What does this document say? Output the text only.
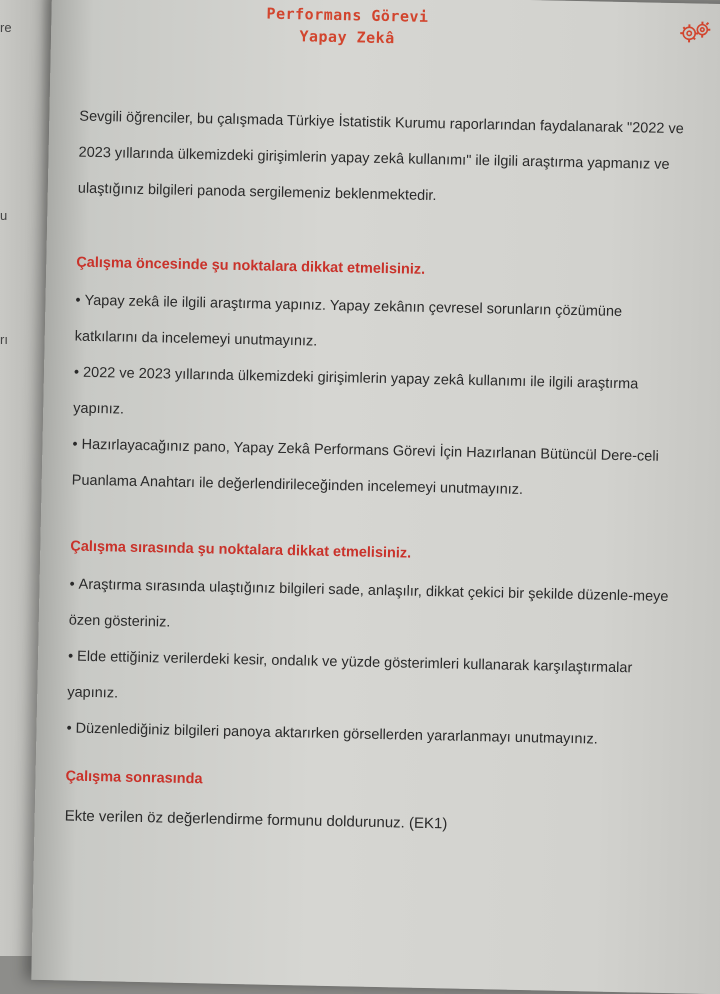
re
u
rı
Performans Görevi
Yapay Zekâ

Sevgili öğrenciler, bu çalışmada Türkiye İstatistik Kurumu raporlarından faydalanarak "2022 ve 2023 yıllarında ülkemizdeki girişimlerin yapay zekâ kullanımı" ile ilgili araştırma yapmanız ve ulaştığınız bilgileri panoda sergilemeniz beklenmektedir.

Çalışma öncesinde şu noktalara dikkat etmelisiniz.

• Yapay zekâ ile ilgili araştırma yapınız. Yapay zekânın çevresel sorunların çözümüne katkılarını da incelemeyi unutmayınız.

• 2022 ve 2023 yıllarında ülkemizdeki girişimlerin yapay zekâ kullanımı ile ilgili araştırma yapınız.

• Hazırlayacağınız pano, Yapay Zekâ Performans Görevi İçin Hazırlanan Bütüncül Dere-celi Puanlama Anahtarı ile değerlendirileceğinden incelemeyi unutmayınız.

Çalışma sırasında şu noktalara dikkat etmelisiniz.

• Araştırma sırasında ulaştığınız bilgileri sade, anlaşılır, dikkat çekici bir şekilde düzenle-meye özen gösteriniz.

• Elde ettiğiniz verilerdeki kesir, ondalık ve yüzde gösterimleri kullanarak karşılaştırmalar yapınız.

• Düzenlediğiniz bilgileri panoya aktarırken görsellerden yararlanmayı unutmayınız.

Çalışma sonrasında

Ekte verilen öz değerlendirme formunu doldurunuz. (EK1)
